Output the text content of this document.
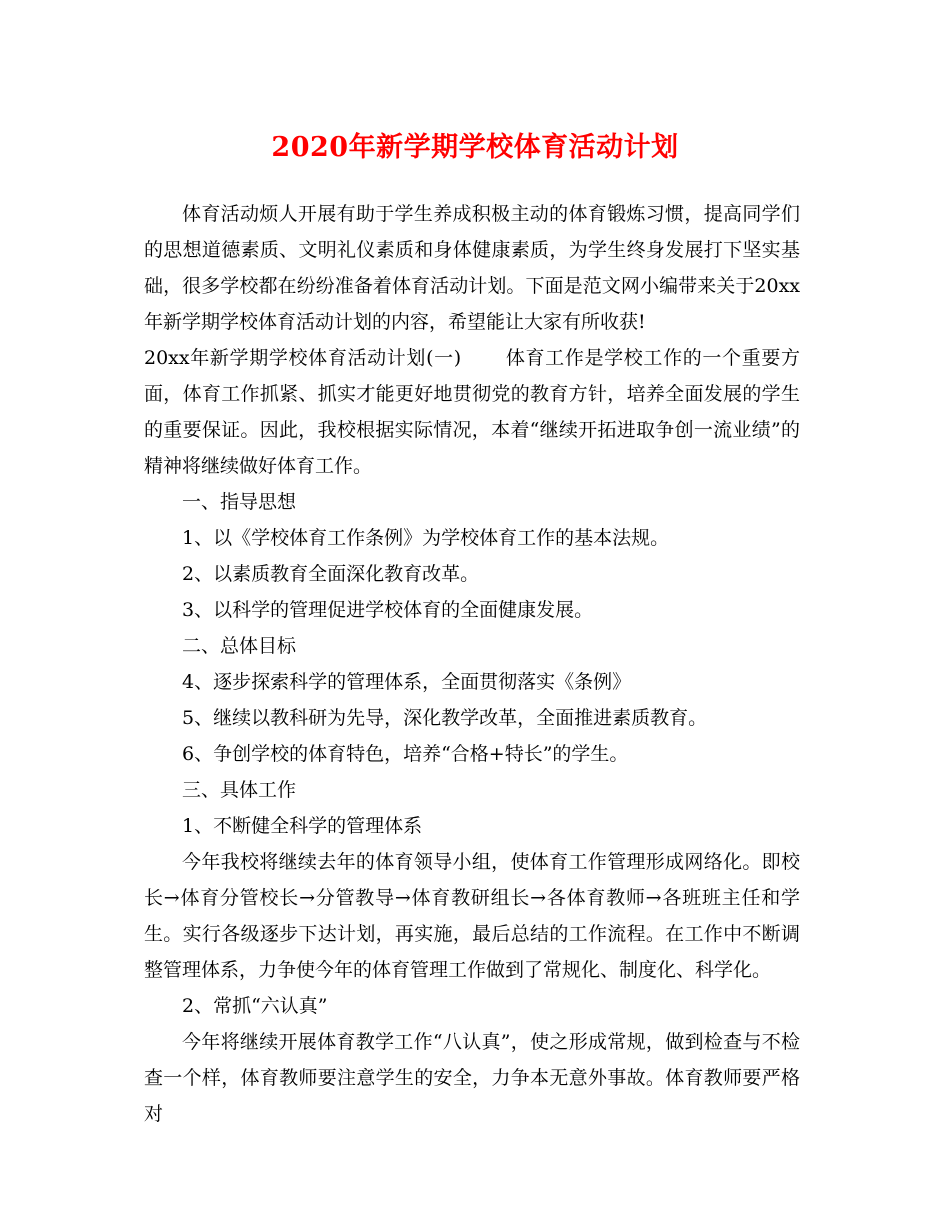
2020年新学期学校体育活动计划

体育活动烦人开展有助于学生养成积极主动的体育锻炼习惯，提高同学们的思想道德素质、文明礼仪素质和身体健康素质，为学生终身发展打下坚实基础，很多学校都在纷纷准备着体育活动计划。下面是范文网小编带来关于20xx年新学期学校体育活动计划的内容，希望能让大家有所收获!

20xx年新学期学校体育活动计划(一) 体育工作是学校工作的一个重要方面，体育工作抓紧、抓实才能更好地贯彻党的教育方针，培养全面发展的学生的重要保证。因此，我校根据实际情况，本着“继续开拓进取争创一流业绩”的精神将继续做好体育工作。

一、指导思想

1、以《学校体育工作条例》为学校体育工作的基本法规。

2、以素质教育全面深化教育改革。

3、以科学的管理促进学校体育的全面健康发展。

二、总体目标

4、逐步探索科学的管理体系，全面贯彻落实《条例》

5、继续以教科研为先导，深化教学改革，全面推进素质教育。

6、争创学校的体育特色，培养“合格+特长”的学生。

三、具体工作

1、不断健全科学的管理体系

今年我校将继续去年的体育领导小组，使体育工作管理形成网络化。即校长→体育分管校长→分管教导→体育教研组长→各体育教师→各班班主任和学生。实行各级逐步下达计划，再实施，最后总结的工作流程。在工作中不断调整管理体系，力争使今年的体育管理工作做到了常规化、制度化、科学化。

2、常抓“六认真”

今年将继续开展体育教学工作“八认真”，使之形成常规，做到检查与不检查一个样，体育教师要注意学生的安全，力争本无意外事故。体育教师要严格对
